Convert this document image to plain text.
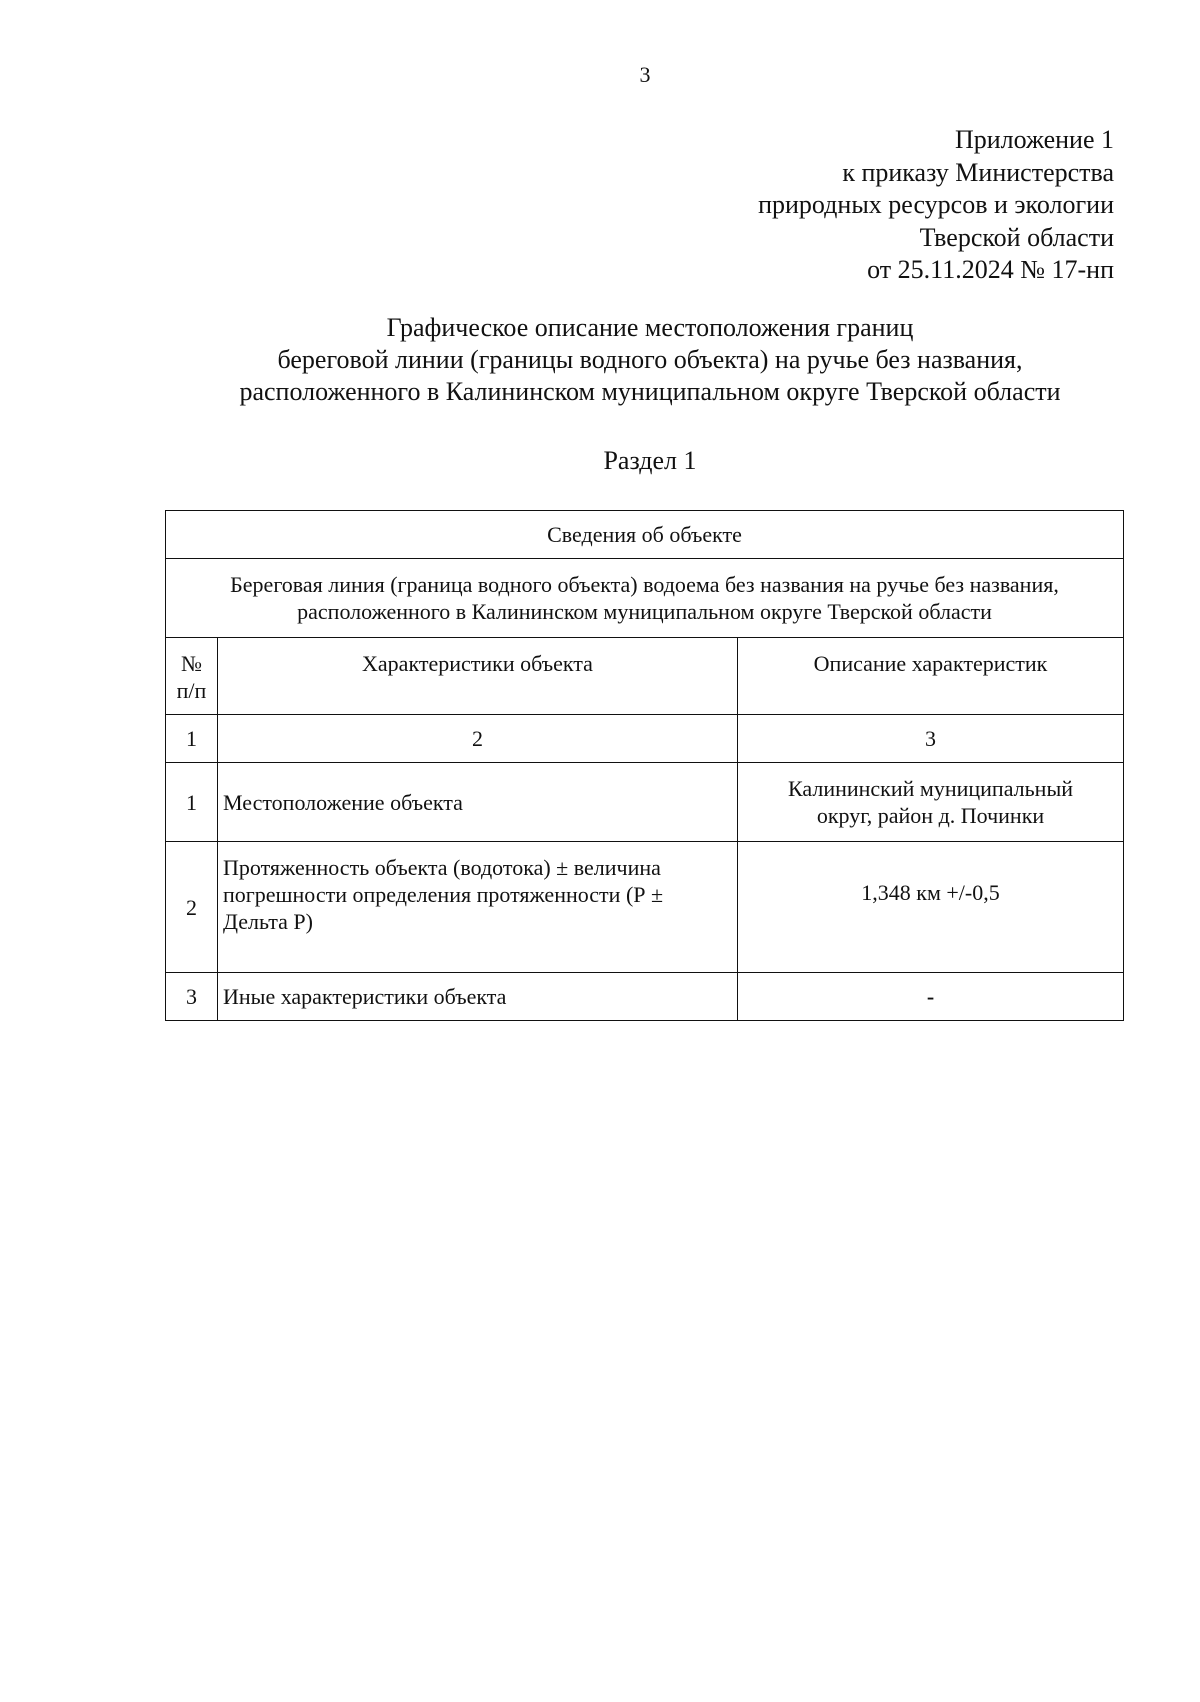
3
Приложение 1
к приказу Министерства
природных ресурсов и экологии
Тверской области
от 25.11.2024 № 17-нп
Графическое описание местоположения границ
береговой линии (границы водного объекта) на ручье без названия,
расположенного в Калининском муниципальном округе Тверской области
Раздел 1
Сведения об объекте		

Береговая линия (граница водного объекта) водоема без названия на ручье без названия,
расположенного в Калининском муниципальном округе Тверской области		

№
п/п	Характеристики объекта	Описание характеристик
1	2	3
1	Местоположение объекта	Калининский муниципальный
округ, район д. Починки

2	Протяженность объекта (водотока) ± величина
погрешности определения протяженности (Р ±
Дельта Р)	1,348 км +/-0,5
3	Иные характеристики объекта	-
